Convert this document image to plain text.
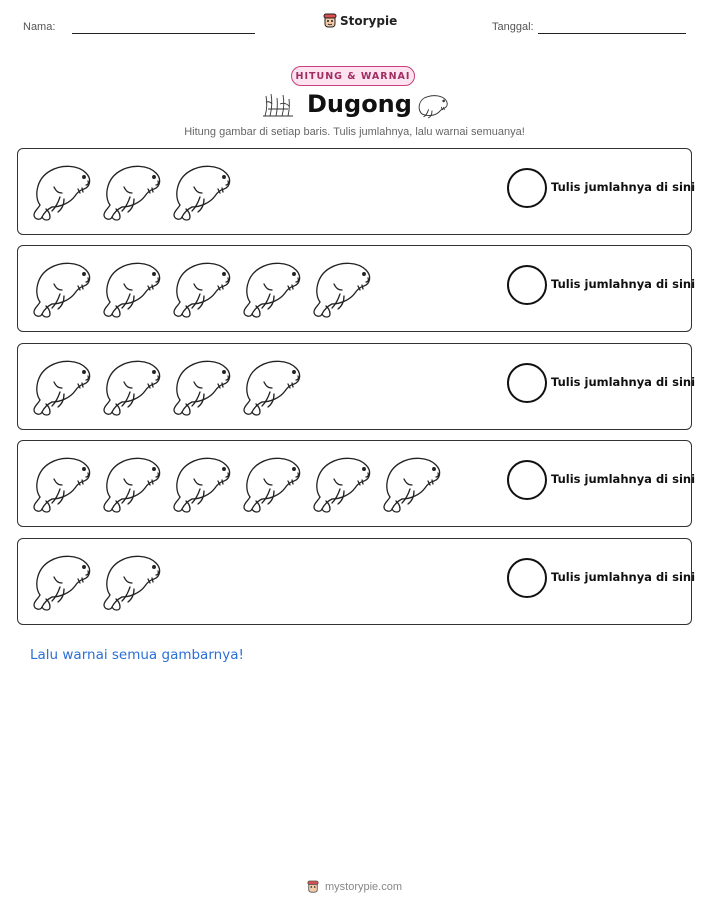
Nama:	Storypie	Tanggal:
HITUNG & WARNAI
Dugong
Hitung gambar di setiap baris. Tulis jumlahnya, lalu warnai semuanya!
Tulis jumlahnya di sini
Tulis jumlahnya di sini
Tulis jumlahnya di sini
Tulis jumlahnya di sini
Tulis jumlahnya di sini
Lalu warnai semua gambarnya!
mystorypie.com
